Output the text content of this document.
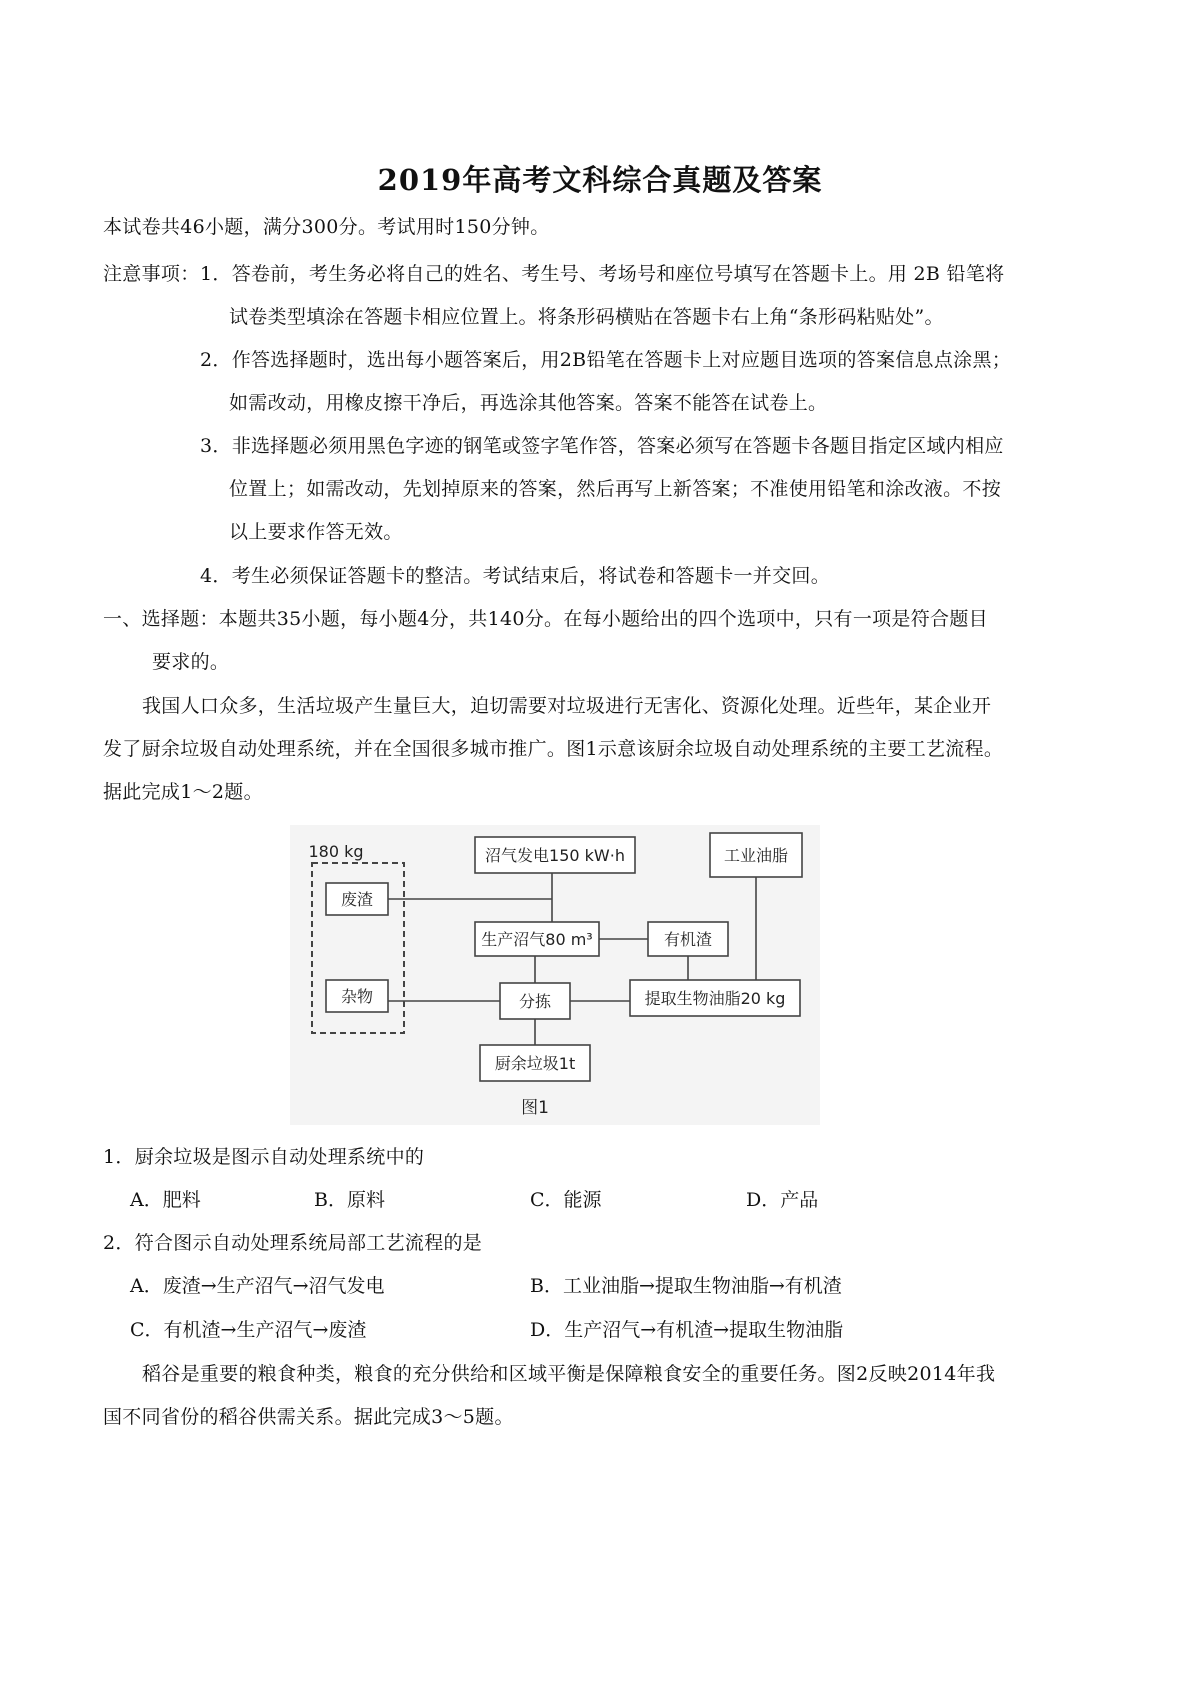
2019年高考文科综合真题及答案
本试卷共46小题，满分300分。考试用时150分钟。
注意事项： 1．答卷前，考生务必将自己的姓名、考生号、考场号和座位号填写在答题卡上。用 2B 铅笔将
试卷类型填涂在答题卡相应位置上。将条形码横贴在答题卡右上角“条形码粘贴处”。
2．作答选择题时，选出每小题答案后，用2B铅笔在答题卡上对应题目选项的答案信息点涂黑；
如需改动，用橡皮擦干净后，再选涂其他答案。答案不能答在试卷上。
3．非选择题必须用黑色字迹的钢笔或签字笔作答，答案必须写在答题卡各题目指定区域内相应
位置上；如需改动，先划掉原来的答案，然后再写上新答案；不准使用铅笔和涂改液。不按
以上要求作答无效。
4．考生必须保证答题卡的整洁。考试结束后，将试卷和答题卡一并交回。
一、选择题：本题共35小题，每小题4分，共140分。在每小题给出的四个选项中，只有一项是符合题目
要求的。
我国人口众多，生活垃圾产生量巨大，迫切需要对垃圾进行无害化、资源化处理。近些年，某企业开
发了厨余垃圾自动处理系统，并在全国很多城市推广。图1示意该厨余垃圾自动处理系统的主要工艺流程。
据此完成1～2题。
180 kg
废渣
杂物
沼气发电150 kW·h	工业油脂
生产沼气80 m³	有机渣
分拣	提取生物油脂20 kg
厨余垃圾1t
图1
1．厨余垃圾是图示自动处理系统中的
A．肥料	B．原料	C．能源	D．产品
2．符合图示自动处理系统局部工艺流程的是
A．废渣→生产沼气→沼气发电	B．工业油脂→提取生物油脂→有机渣
C．有机渣→生产沼气→废渣	D．生产沼气→有机渣→提取生物油脂
稻谷是重要的粮食种类，粮食的充分供给和区域平衡是保障粮食安全的重要任务。图2反映2014年我
国不同省份的稻谷供需关系。据此完成3～5题。
